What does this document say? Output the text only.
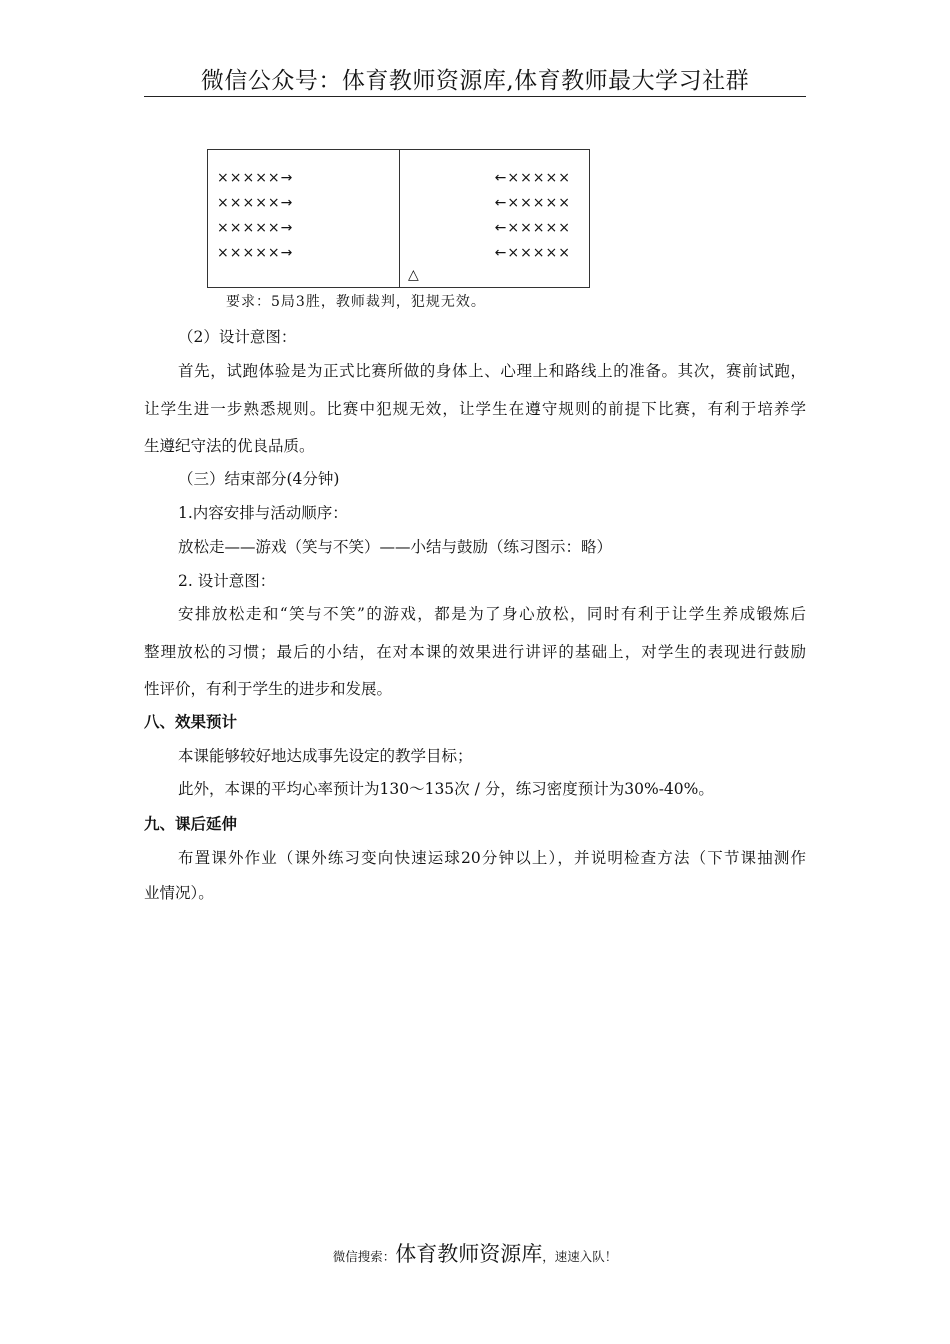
微信公众号：体育教师资源库,体育教师最大学习社群
×××××→
×××××→
×××××→
×××××→
←×××××
←×××××
←×××××
←×××××
△
要求：5局3胜，教师裁判，犯规无效。
（2）设计意图：
首先，试跑体验是为正式比赛所做的身体上、心理上和路线上的准备。其次，赛前试跑，
让学生进一步熟悉规则。比赛中犯规无效，让学生在遵守规则的前提下比赛，有利于培养学
生遵纪守法的优良品质。
（三）结束部分(4分钟)
1.内容安排与活动顺序：
放松走——游戏（笑与不笑）——小结与鼓励（练习图示：略）
2. 设计意图：
安排放松走和“笑与不笑”的游戏，都是为了身心放松，同时有利于让学生养成锻炼后
整理放松的习惯；最后的小结，在对本课的效果进行讲评的基础上，对学生的表现进行鼓励
性评价，有利于学生的进步和发展。
八、效果预计
本课能够较好地达成事先设定的教学目标；
此外，本课的平均心率预计为130～135次 / 分，练习密度预计为30%-40%。
九、课后延伸
布置课外作业（课外练习变向快速运球20分钟以上），并说明检查方法（下节课抽测作
业情况）。
微信搜索：体育教师资源库，速速入队！
